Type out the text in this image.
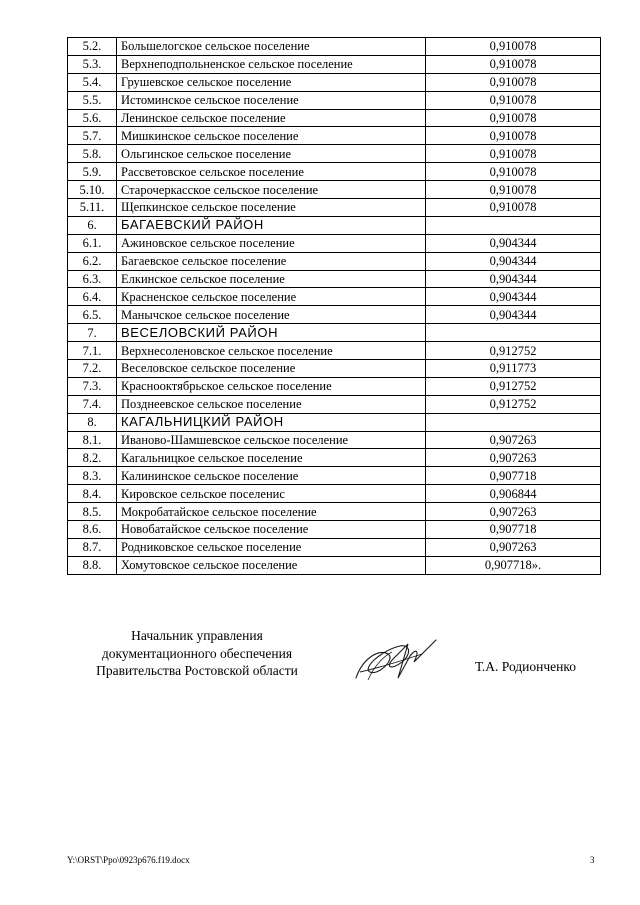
5.2.	Большелогское сельское поселение	0,910078
5.3.	Верхнеподпольненское сельское поселение	0,910078
5.4.	Грушевское сельское поселение	0,910078
5.5.	Истоминское сельское поселение	0,910078
5.6.	Ленинское сельское поселение	0,910078
5.7.	Мишкинское сельское поселение	0,910078
5.8.	Ольгинское сельское поселение	0,910078
5.9.	Рассветовское сельское поселение	0,910078
5.10.	Старочеркасское сельское поселение	0,910078
5.11.	Щепкинское сельское поселение	0,910078
6.	БАГАЕВСКИЙ РАЙОН	
6.1.	Ажиновское сельское поселение	0,904344
6.2.	Багаевское сельское поселение	0,904344
6.3.	Елкинское сельское поселение	0,904344
6.4.	Красненское сельское поселение	0,904344
6.5.	Манычское сельское поселение	0,904344
7.	ВЕСЕЛОВСКИЙ РАЙОН	
7.1.	Верхнесоленовское сельское поселение	0,912752
7.2.	Веселовское сельское поселение	0,911773
7.3.	Краснооктябрьское сельское поселение	0,912752
7.4.	Позднеевское сельское поселение	0,912752
8.	КАГАЛЬНИЦКИЙ РАЙОН	
8.1.	Иваново-Шамшевское сельское поселение	0,907263
8.2.	Кагальницкое сельское поселение	0,907263
8.3.	Калининское сельское поселение	0,907718
8.4.	Кировское сельское поселенис	0,906844
8.5.	Мокробатайское сельское поселение	0,907263
8.6.	Новобатайское сельское поселение	0,907718
8.7.	Родниковское сельское поселение	0,907263
8.8.	Хомутовское сельское поселение	0,907718».
Начальник управления
документационного обеспечения
Правительства Ростовской области	Т.А. Родионченко
Y:\ORST\Ppo\0923p676.f19.docx	3
